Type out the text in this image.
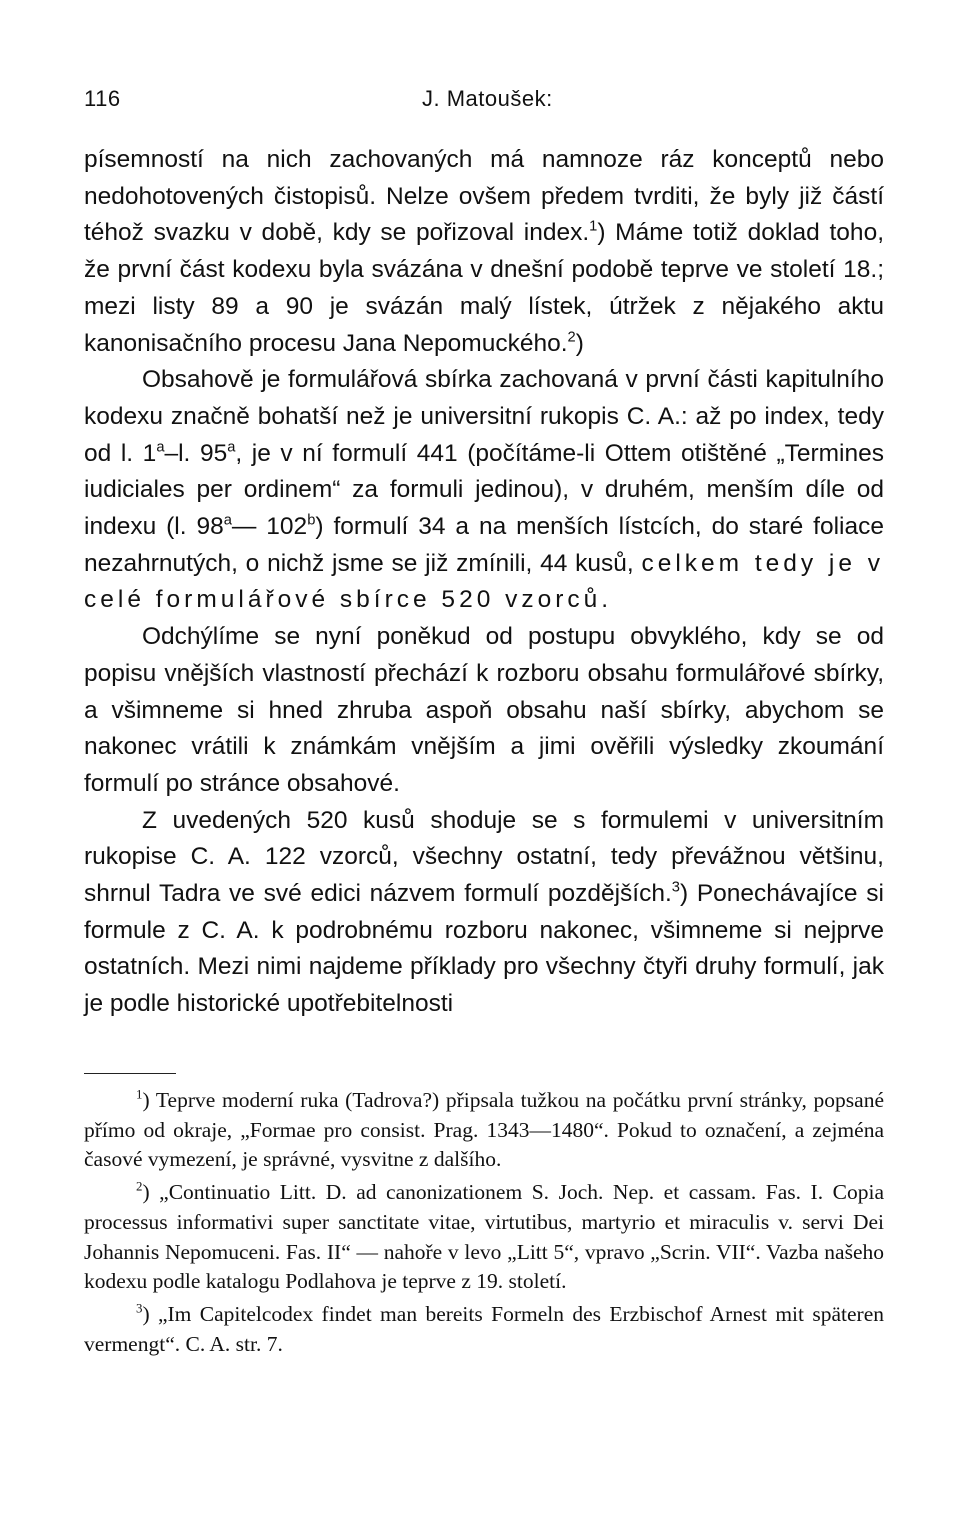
116	J. Matoušek:

písemností na nich zachovaných má namnoze ráz konceptů nebo nedohotovených čistopisů. Nelze ovšem předem tvrditi, že byly již částí téhož svazku v době, kdy se pořizoval index.$^1$) Máme totiž doklad toho, že první část kodexu byla svázána v dnešní podobě teprve ve století 18.; mezi listy 89 a 90 je svázán malý lístek, útržek z nějakého aktu kanonisačního procesu Jana Nepomuckého.$^2$)

Obsahově je formulářová sbírka zachovaná v první části kapitulního kodexu značně bohatší než je universitní rukopis C. A.: až po index, tedy od l. 1$^a$–l. 95$^a$, je v ní formulí 441 (počítáme-li Ottem otištěné „Termines iudiciales per ordinem“ za formuli jedinou), v druhém, menším díle od indexu (l. 98$^a$— 102$^b$) formulí 34 a na menších lístcích, do staré foliace nezahrnutých, o nichž jsme se již zmínili, 44 kusů, celkem tedy je v celé formulářové sbírce 520 vzorců.

Odchýlíme se nyní poněkud od postupu obvyklého, kdy se od popisu vnějších vlastností přechází k rozboru obsahu formulářové sbírky, a všimneme si hned zhruba aspoň obsahu naší sbírky, abychom se nakonec vrátili k známkám vnějším a jimi ověřili výsledky zkoumání formulí po stránce obsahové.

Z uvedených 520 kusů shoduje se s formulemi v universitním rukopise C. A. 122 vzorců, všechny ostatní, tedy převážnou většinu, shrnul Tadra ve své edici názvem formulí pozdějších.$^3$) Ponechávajíce si formule z C. A. k podrobnému rozboru nakonec, všimneme si nejprve ostatních. Mezi nimi najdeme příklady pro všechny čtyři druhy formulí, jak je podle historické upotřebitelnosti

$^1$) Teprve moderní ruka (Tadrova?) připsala tužkou na počátku první stránky, popsané přímo od okraje, „Formae pro consist. Prag. 1343—1480“. Pokud to označení, a zejména časové vymezení, je správné, vysvitne z dalšího.

$^2$) „Continuatio Litt. D. ad canonizationem S. Joch. Nep. et cassam. Fas. I. Copia processus informativi super sanctitate vitae, virtutibus, martyrio et miraculis v. servi Dei Johannis Nepomuceni. Fas. II“ — nahoře v levo „Litt 5“, vpravo „Scrin. VII“. Vazba našeho kodexu podle katalogu Podlahova je teprve z 19. století.

$^3$) „Im Capitelcodex findet man bereits Formeln des Erzbischof Arnest mit späteren vermengt“. C. A. str. 7.
